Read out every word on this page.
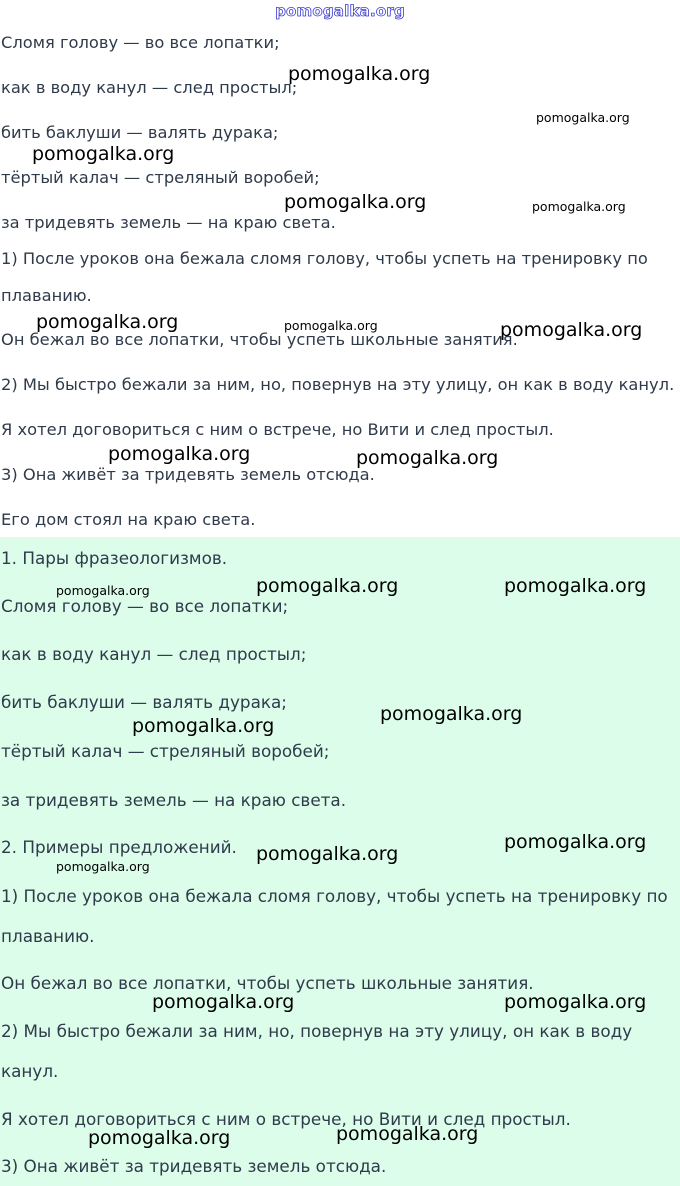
Сломя голову — во все лопатки;

как в воду канул — след простыл;

бить баклуши — валять дурака;

тёртый калач — стреляный воробей;

за тридевять земель — на краю света.

1) После уроков она бежала сломя голову, чтобы успеть на тренировку по

плаванию.

Он бежал во все лопатки, чтобы успеть школьные занятия.

2) Мы быстро бежали за ним, но, повернув на эту улицу, он как в воду канул.

Я хотел договориться с ним о встрече, но Вити и след простыл.

3) Она живёт за тридевять земель отсюда.

Его дом стоял на краю света.

1. Пары фразеологизмов.

Сломя голову — во все лопатки;

как в воду канул — след простыл;

бить баклуши — валять дурака;

тёртый калач — стреляный воробей;

за тридевять земель — на краю света.

2. Примеры предложений.

1) После уроков она бежала сломя голову, чтобы успеть на тренировку по

плаванию.

Он бежал во все лопатки, чтобы успеть школьные занятия.

2) Мы быстро бежали за ним, но, повернув на эту улицу, он как в воду

канул.

Я хотел договориться с ним о встрече, но Вити и след простыл.

3) Она живёт за тридевять земель отсюда.

pomogalka.org
pomogalka.org
pomogalka.org
pomogalka.org
pomogalka.org	pomogalka.org
pomogalka.org	pomogalka.org	pomogalka.org
pomogalka.org	pomogalka.org
pomogalka.org	pomogalka.org	pomogalka.org
pomogalka.org
pomogalka.org
pomogalka.org
pomogalka.org
pomogalka.org
pomogalka.org	pomogalka.org
pomogalka.org	pomogalka.org
